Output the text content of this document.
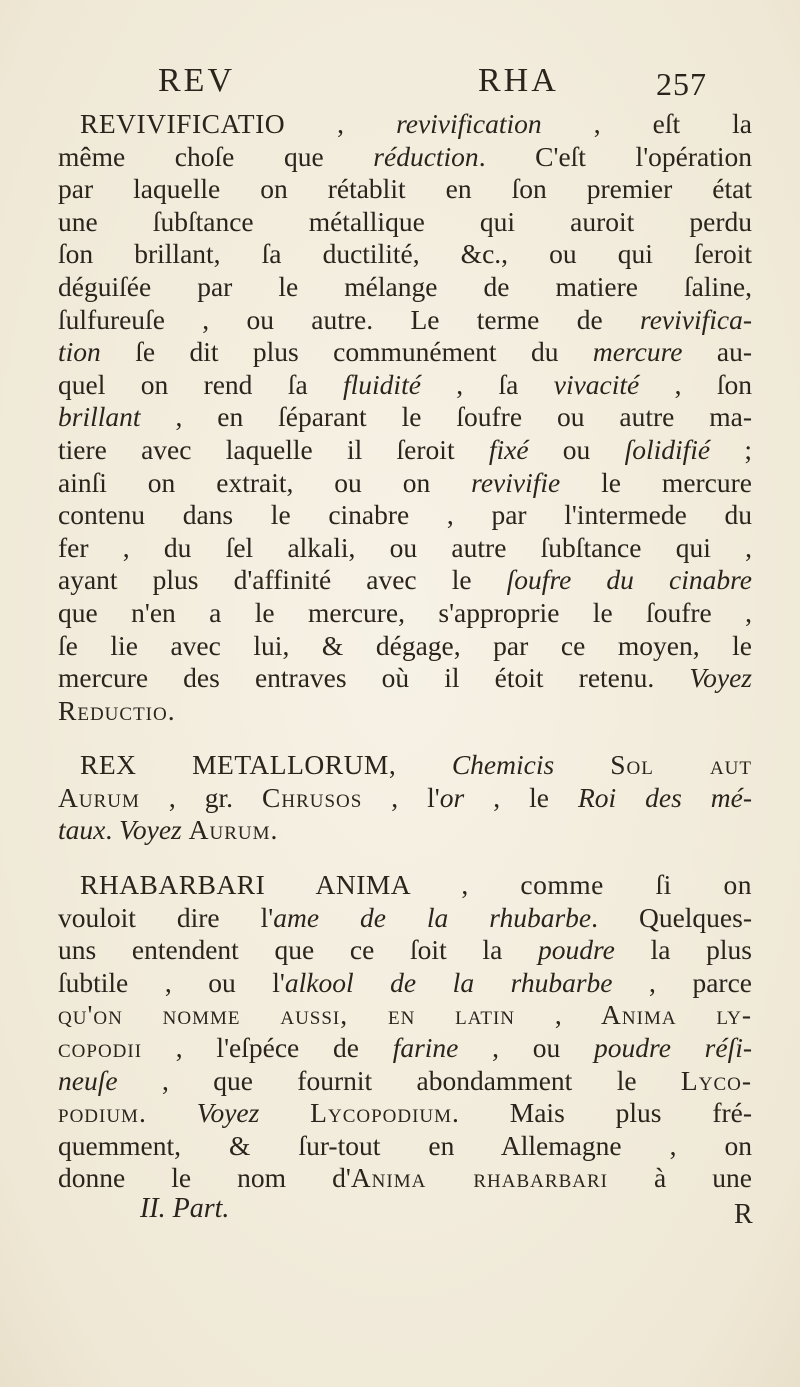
REV	RHA	257

REVIVIFICATIO , revivification , eſt la
même choſe que réduction. C'eſt l'opération
par laquelle on rétablit en ſon premier état
une ſubſtance métallique qui auroit perdu
ſon brillant, ſa ductilité, &c., ou qui ſeroit
déguiſée par le mélange de matiere ſaline,
ſulfureuſe , ou autre. Le terme de revivifica-
tion ſe dit plus communément du mercure au-
quel on rend ſa fluidité , ſa vivacité , ſon
brillant , en ſéparant le ſoufre ou autre ma-
tiere avec laquelle il ſeroit fixé ou ſolidifié ;
ainſi on extrait, ou on revivifie le mercure
contenu dans le cinabre , par l'intermede du
fer , du ſel alkali, ou autre ſubſtance qui ,
ayant plus d'affinité avec le ſoufre du cinabre
que n'en a le mercure, s'approprie le ſoufre ,
ſe lie avec lui, & dégage, par ce moyen, le
mercure des entraves où il étoit retenu. Voyez
Reductio.

REX METALLORUM, Chemicis Sol aut
Aurum , gr. Chrusos , l'or , le Roi des mé-
taux. Voyez Aurum.

RHABARBARI ANIMA , comme ſi on
vouloit dire l'ame de la rhubarbe. Quelques-
uns entendent que ce ſoit la poudre la plus
ſubtile , ou l'alkool de la rhubarbe , parce
qu'on nomme auſſi, en latin , Anima ly-
copodii , l'eſpéce de farine , ou poudre réſi-
neuſe , que fournit abondamment le Lyco-
podium. Voyez Lycopodium. Mais plus fré-
quemment, & ſur-tout en Allemagne , on
donne le nom d'Anima rhabarbari à une

II. Part.	R
